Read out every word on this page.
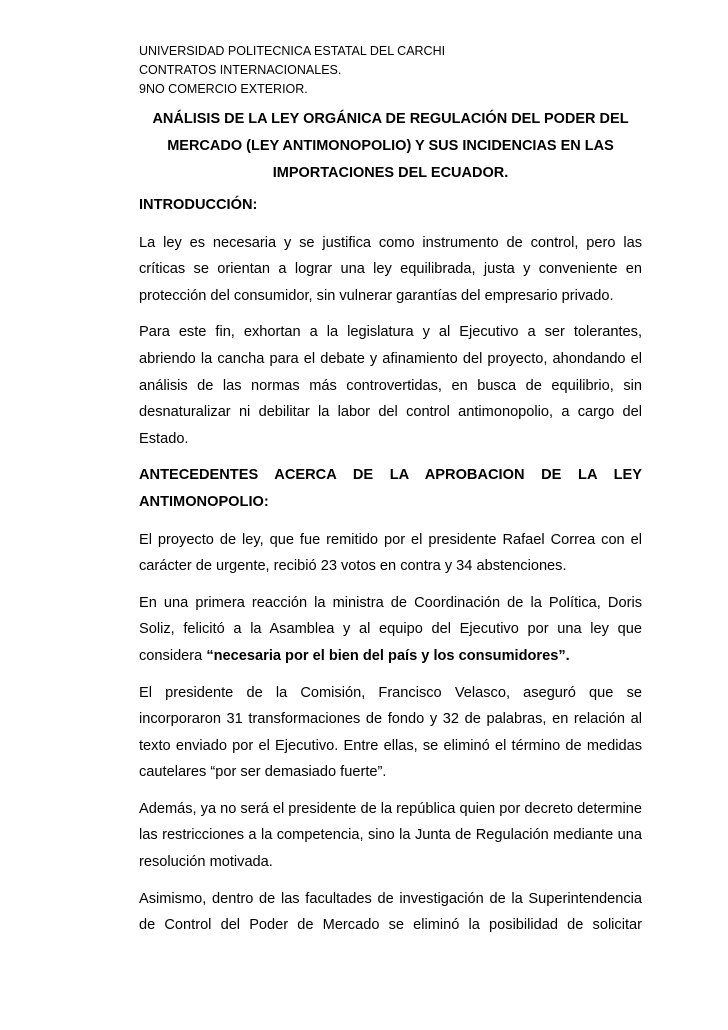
UNIVERSIDAD POLITECNICA ESTATAL DEL CARCHI
CONTRATOS INTERNACIONALES.
9NO COMERCIO EXTERIOR.
ANÁLISIS DE LA LEY ORGÁNICA DE REGULACIÓN DEL PODER DEL MERCADO (LEY ANTIMONOPOLIO) Y SUS INCIDENCIAS EN LAS IMPORTACIONES DEL ECUADOR.

INTRODUCCIÓN:

La ley es necesaria y se justifica como instrumento de control, pero las críticas se orientan a lograr una ley equilibrada, justa y conveniente en protección del consumidor, sin vulnerar garantías del empresario privado.

Para este fin, exhortan a la legislatura y al Ejecutivo a ser tolerantes, abriendo la cancha para el debate y afinamiento del proyecto, ahondando el análisis de las normas más controvertidas, en busca de equilibrio, sin desnaturalizar ni debilitar la labor del control antimonopolio, a cargo del Estado.

ANTECEDENTES ACERCA DE LA APROBACION DE LA LEY ANTIMONOPOLIO:

El proyecto de ley, que fue remitido por el presidente Rafael Correa con el carácter de urgente, recibió 23 votos en contra y 34 abstenciones.

En una primera reacción la ministra de Coordinación de la Política, Doris Soliz, felicitó a la Asamblea y al equipo del Ejecutivo por una ley que considera “necesaria por el bien del país y los consumidores”.

El presidente de la Comisión, Francisco Velasco, aseguró que se incorporaron 31 transformaciones de fondo y 32 de palabras, en relación al texto enviado por el Ejecutivo. Entre ellas, se eliminó el término de medidas cautelares “por ser demasiado fuerte”.

Además, ya no será el presidente de la república quien por decreto determine las restricciones a la competencia, sino la Junta de Regulación mediante una resolución motivada.

Asimismo, dentro de las facultades de investigación de la Superintendencia de Control del Poder de Mercado se eliminó la posibilidad de solicitar
